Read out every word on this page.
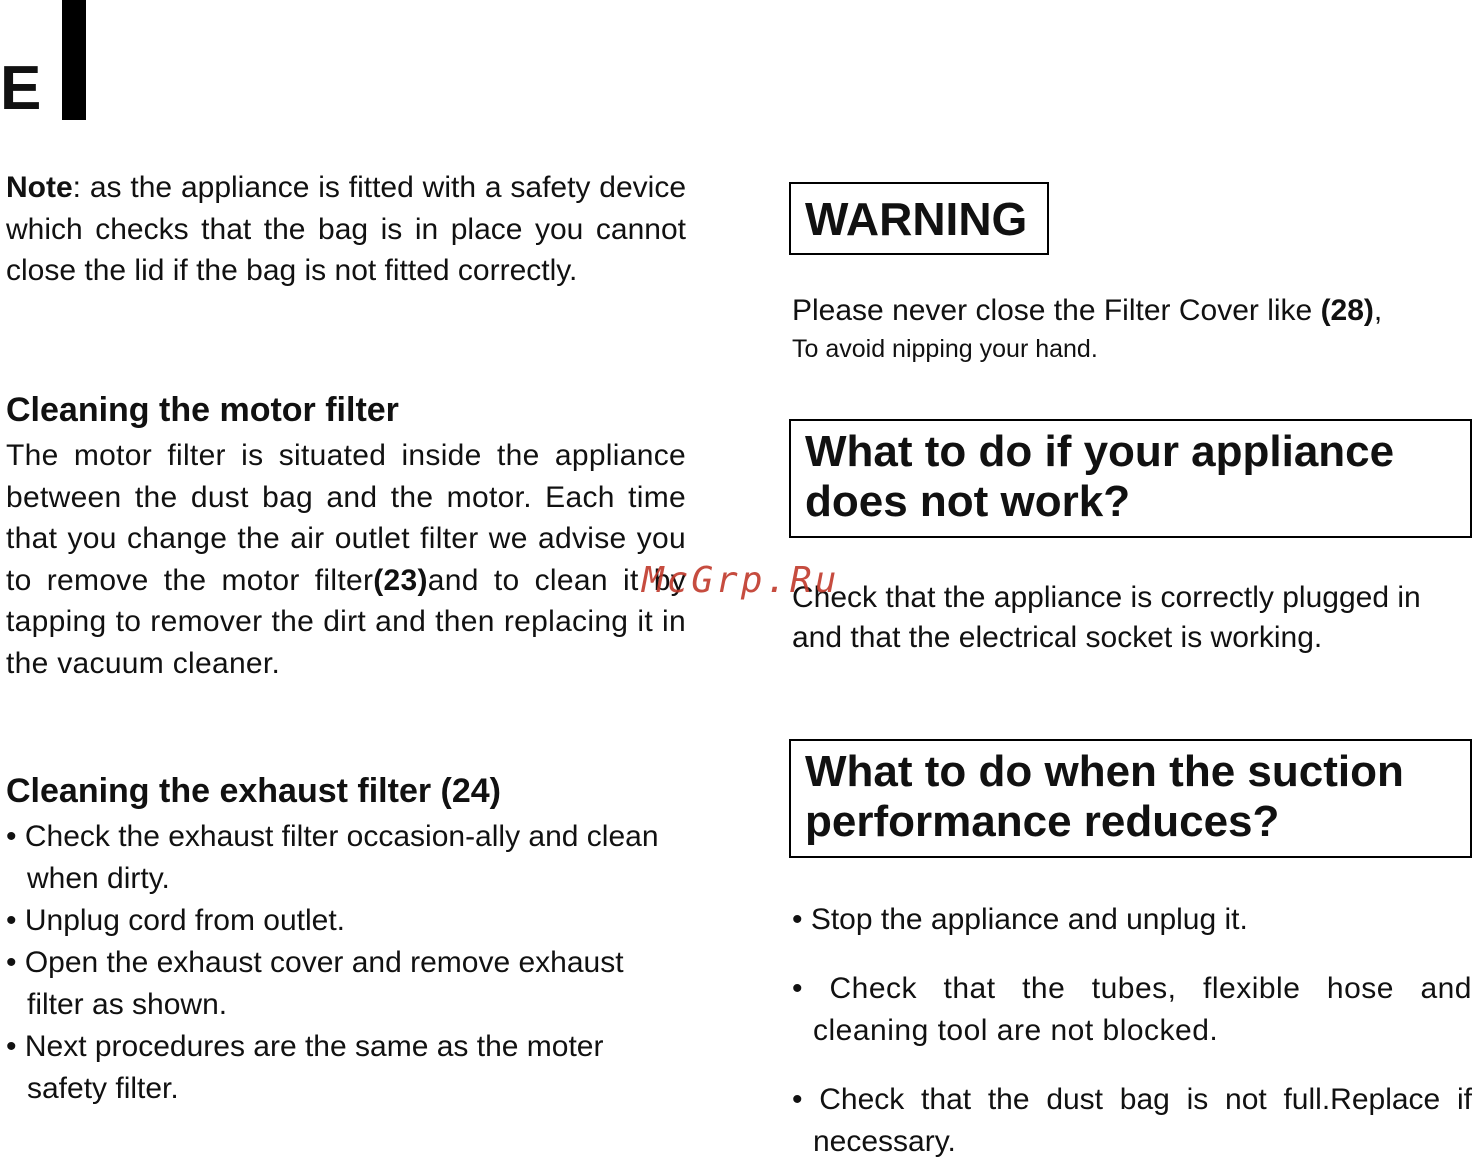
E

Note: as the appliance is fitted with a safety device which checks that the bag is in place you cannot close the lid if the bag is not fitted correctly.

Cleaning the motor filter

The motor filter is situated inside the appliance between the dust bag and the motor. Each time that you change the air outlet filter we advise you to remove the motor filter(23)and to clean it by tapping to remover the dirt and then replacing it in the vacuum cleaner.

Cleaning the exhaust filter (24)
• Check the exhaust filter occasion-ally and clean when dirty.
• Unplug cord from outlet.
• Open the exhaust cover and remove exhaust filter as shown.
• Next procedures are the same as the moter safety filter.
WARNING

Please never close the Filter Cover like (28),

To avoid nipping your hand.

What to do if your appliance does not work?

Check that the appliance is correctly plugged in and that the electrical socket is working.

What to do when the suction performance reduces?
• Stop the appliance and unplug it.
• Check that the tubes, flexible hose and cleaning tool are not blocked.
• Check that the dust bag is not full.Replace if necessary.
McGrp.Ru
